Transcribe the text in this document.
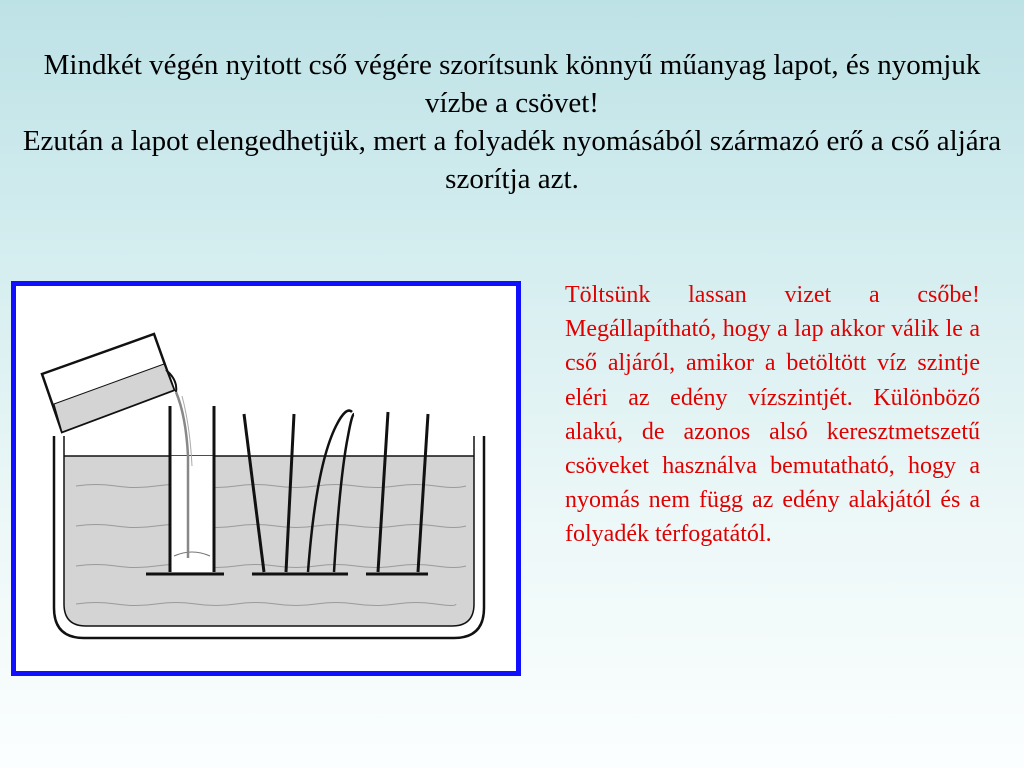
Mindkét végén nyitott cső végére szorítsunk könnyű műanyag lapot, és nyomjuk vízbe a csövet!

Ezután a lapot elengedhetjük, mert a folyadék nyomásából származó erő a cső aljára szorítja azt.

Töltsünk lassan vizet a csőbe! Megállapítható, hogy a lap akkor válik le a cső aljáról, amikor a betöltött víz szintje eléri az edény vízszintjét. Különböző alakú, de azonos alsó keresztmetszetű csöveket használva bemutatható, hogy a nyomás nem függ az edény alakjától és a folyadék térfogatától.
